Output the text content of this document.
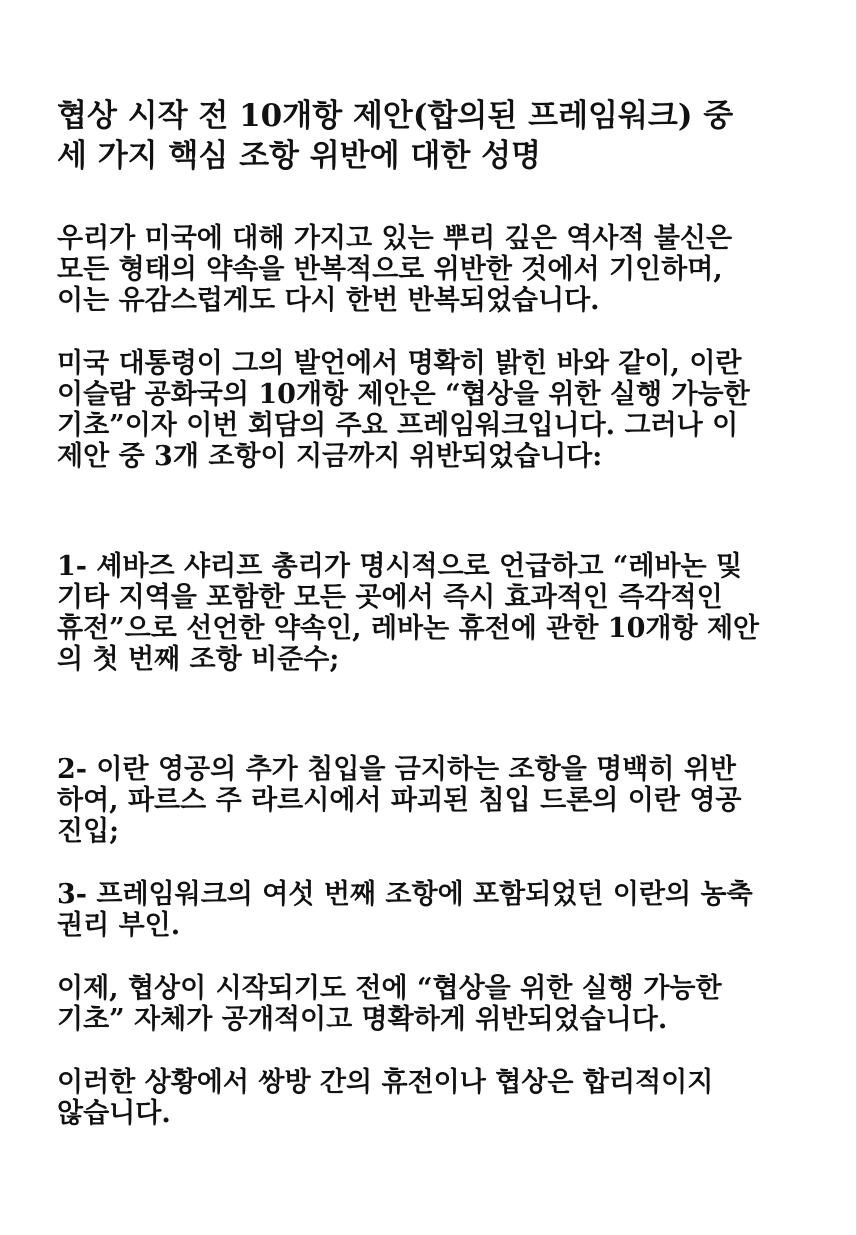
협상 시작 전 10개항 제안(합의된 프레임워크) 중
세 가지 핵심 조항 위반에 대한 성명
우리가 미국에 대해 가지고 있는 뿌리 깊은 역사적 불신은
모든 형태의 약속을 반복적으로 위반한 것에서 기인하며,
이는 유감스럽게도 다시 한번 반복되었습니다.
미국 대통령이 그의 발언에서 명확히 밝힌 바와 같이, 이란
이슬람 공화국의 10개항 제안은 “협상을 위한 실행 가능한
기초”이자 이번 회담의 주요 프레임워크입니다. 그러나 이
제안 중 3개 조항이 지금까지 위반되었습니다:
1- 셰바즈 샤리프 총리가 명시적으로 언급하고 “레바논 및
기타 지역을 포함한 모든 곳에서 즉시 효과적인 즉각적인
휴전”으로 선언한 약속인, 레바논 휴전에 관한 10개항 제안
의 첫 번째 조항 비준수;
2- 이란 영공의 추가 침입을 금지하는 조항을 명백히 위반
하여, 파르스 주 라르시에서 파괴된 침입 드론의 이란 영공
진입;
3- 프레임워크의 여섯 번째 조항에 포함되었던 이란의 농축
권리 부인.
이제, 협상이 시작되기도 전에 “협상을 위한 실행 가능한
기초” 자체가 공개적이고 명확하게 위반되었습니다.
이러한 상황에서 쌍방 간의 휴전이나 협상은 합리적이지
않습니다.
